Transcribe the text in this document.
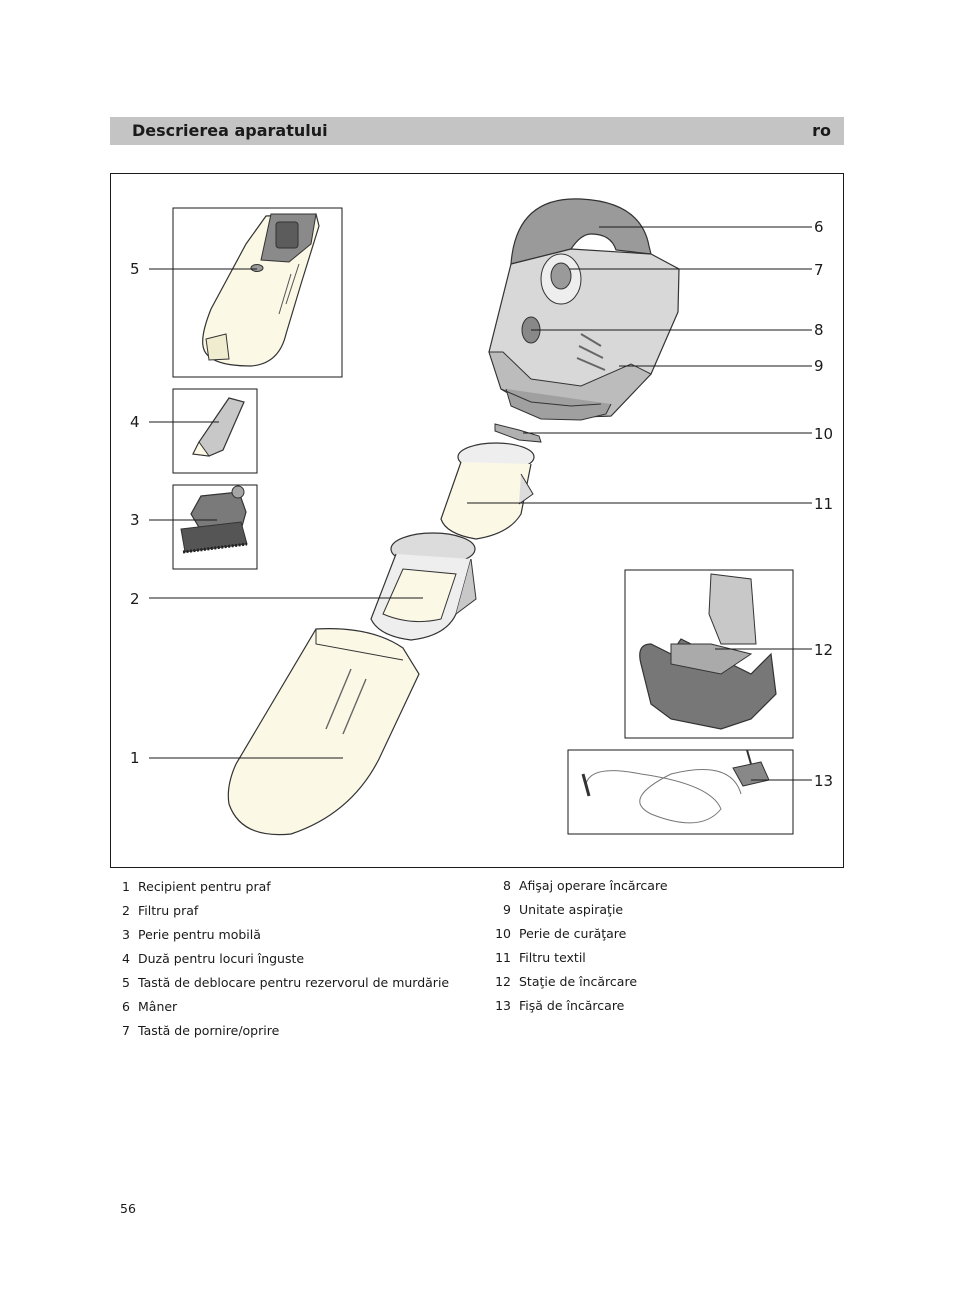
Descrierea aparatului	ro
1
2
3
4
5
6
7
8
9
10
11
12
13
1 Recipient pentru praf
2 Filtru praf
3 Perie pentru mobilă
4 Duză pentru locuri înguste
5 Tastă de deblocare pentru rezervorul de murdărie
6 Mâner
7 Tastă de pornire/oprire
8 Afişaj operare încărcare
9 Unitate aspiraţie
10 Perie de curăţare
11 Filtru textil
12 Staţie de încărcare
13 Fişă de încărcare
56
